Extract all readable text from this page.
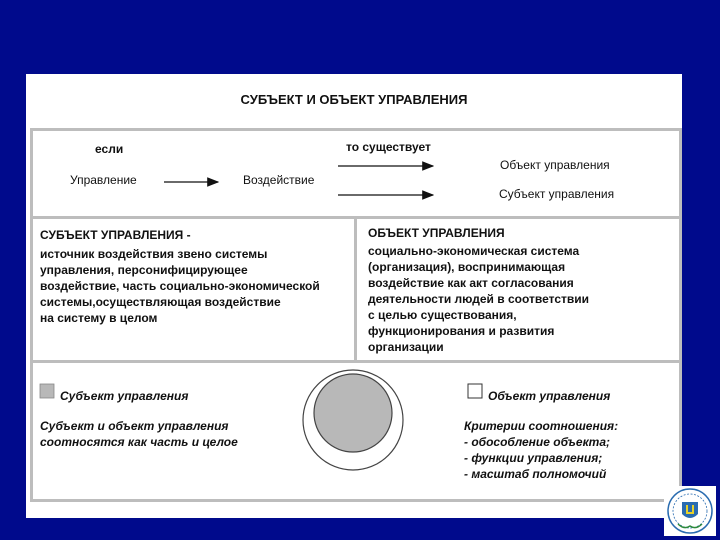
СУБЪЕКТ И ОБЪЕКТ УПРАВЛЕНИЯ
если	то существует
Управление	Воздействие
Объект управления
Субъект управления
СУБЪЕКТ УПРАВЛЕНИЯ -
источник воздействия звено системы
управления, персонифицирующее
воздействие, часть социально-экономической
системы,осуществляющая воздействие
на систему в целом
ОБЪЕКТ УПРАВЛЕНИЯ
социально-экономическая система
(организация), воспринимающая
воздействие как акт согласования
деятельности людей в соответствии
с целью существования,
функционирования и развития
организации
Субъект управления	Объект управления
Субъект и объект управления
соотносятся как часть и целое
Критерии соотношения:
- обособление объекта;
- функции управления;
- масштаб полномочий
